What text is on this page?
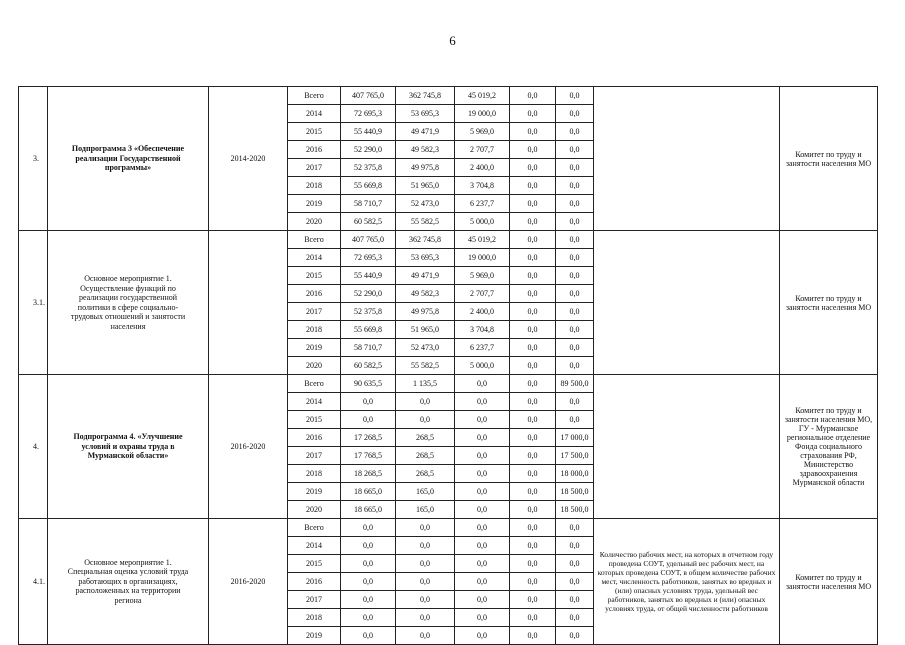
6
3.	Подпрограмма 3 «Обеспечение реализации Государственной программы»	2014-2020	Всего	407 765,0	362 745,8	45 019,2	0,0	0,0		Комитет по труду и занятости населения МО
			2014	72 695,3	53 695,3	19 000,0	0,0	0,0		
			2015	55 440,9	49 471,9	5 969,0	0,0	0,0		
			2016	52 290,0	49 582,3	2 707,7	0,0	0,0		
			2017	52 375,8	49 975,8	2 400,0	0,0	0,0		
			2018	55 669,8	51 965,0	3 704,8	0,0	0,0		
			2019	58 710,7	52 473,0	6 237,7	0,0	0,0		
			2020	60 582,5	55 582,5	5 000,0	0,0	0,0		
3.1.	Основное мероприятие 1. Осуществление функций по реализации государственной политики в сфере социально-трудовых отношений и занятости населения		Всего	407 765,0	362 745,8	45 019,2	0,0	0,0		Комитет по труду и занятости населения МО
			2014	72 695,3	53 695,3	19 000,0	0,0	0,0		
			2015	55 440,9	49 471,9	5 969,0	0,0	0,0		
			2016	52 290,0	49 582,3	2 707,7	0,0	0,0		
			2017	52 375,8	49 975,8	2 400,0	0,0	0,0		
			2018	55 669,8	51 965,0	3 704,8	0,0	0,0		
			2019	58 710,7	52 473,0	6 237,7	0,0	0,0		
			2020	60 582,5	55 582,5	5 000,0	0,0	0,0		
4.	Подпрограмма 4. «Улучшение условий и охраны труда в Мурманской области»	2016-2020	Всего	90 635,5	1 135,5	0,0	0,0	89 500,0		Комитет по труду и занятости населения МО, ГУ - Мурманское региональное отделение Фонда социального страхования РФ, Министерство здравоохранения Мурманской области
			2014	0,0	0,0	0,0	0,0	0,0		
			2015	0,0	0,0	0,0	0,0	0,0		
			2016	17 268,5	268,5	0,0	0,0	17 000,0		
			2017	17 768,5	268,5	0,0	0,0	17 500,0		
			2018	18 268,5	268,5	0,0	0,0	18 000,0		
			2019	18 665,0	165,0	0,0	0,0	18 500,0		
			2020	18 665,0	165,0	0,0	0,0	18 500,0		
4.1.	Основное мероприятие 1. Специальная оценка условий труда работающих в организациях, расположенных на территории региона	2016-2020	Всего	0,0	0,0	0,0	0,0	0,0	Количество рабочих мест, на которых в отчетном году проведена СОУТ, удельный вес рабочих мест, на которых проведена СОУТ, в общем количестве рабочих мест, численность работников, занятых во вредных и (или) опасных условиях труда, удельный вес работников, занятых во вредных и (или) опасных условиях труда, от общей численности работников	Комитет по труду и занятости населения МО
			2014	0,0	0,0	0,0	0,0	0,0		
			2015	0,0	0,0	0,0	0,0	0,0		
			2016	0,0	0,0	0,0	0,0	0,0		
			2017	0,0	0,0	0,0	0,0	0,0		
			2018	0,0	0,0	0,0	0,0	0,0		
			2019	0,0	0,0	0,0	0,0	0,0		
